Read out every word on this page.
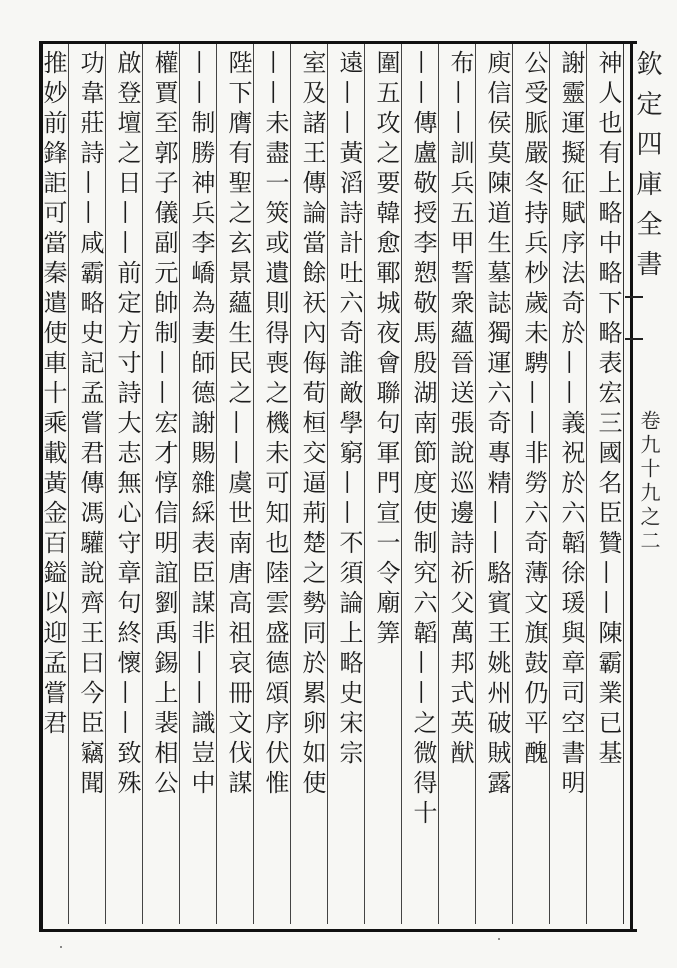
欽定四庫全書
卷九十九之二
神人也有上略中略下略表宏三國名臣贊——陳霸業已基
謝靈運擬征賦序法奇於——義祝於六韜徐瑗與章司空書明
公受脈嚴冬持兵杪歲未騁——非勞六奇薄文旗鼓仍平醜
庾信侯莫陳道生墓誌獨運六奇專精——駱賓王姚州破賊露
布——訓兵五甲誓衆蘊晉送張說巡邊詩祈父萬邦式英猷
——傳盧敬授李愬敬馬殷湖南節度使制究六韜——之微得十
圍五攻之要韓愈鄆城夜會聯句軍門宣一令廟筭
遠——黃滔詩計吐六奇誰敵學窮——不須論上略史宋宗
室及諸王傳論當餘祆內侮荀桓交逼荊楚之勢同於累卵如使
——未盡一筴或遺則得喪之機未可知也陸雲盛德頌序伏惟
陛下膺有聖之玄景蘊生民之——虞世南唐高祖哀冊文伐謀
——制勝神兵李嶠為妻師德謝賜雜綵表臣謀非——識豈中
權賈至郭子儀副元帥制——宏才惇信明誼劉禹錫上裴相公
啟登壇之日——前定方寸詩大志無心守章句終懷——致殊
功韋莊詩——咸霸略史記孟嘗君傳馮驩說齊王曰今臣竊聞
推妙前鋒詎可當秦遣使車十乘載黃金百鎰以迎孟嘗君
